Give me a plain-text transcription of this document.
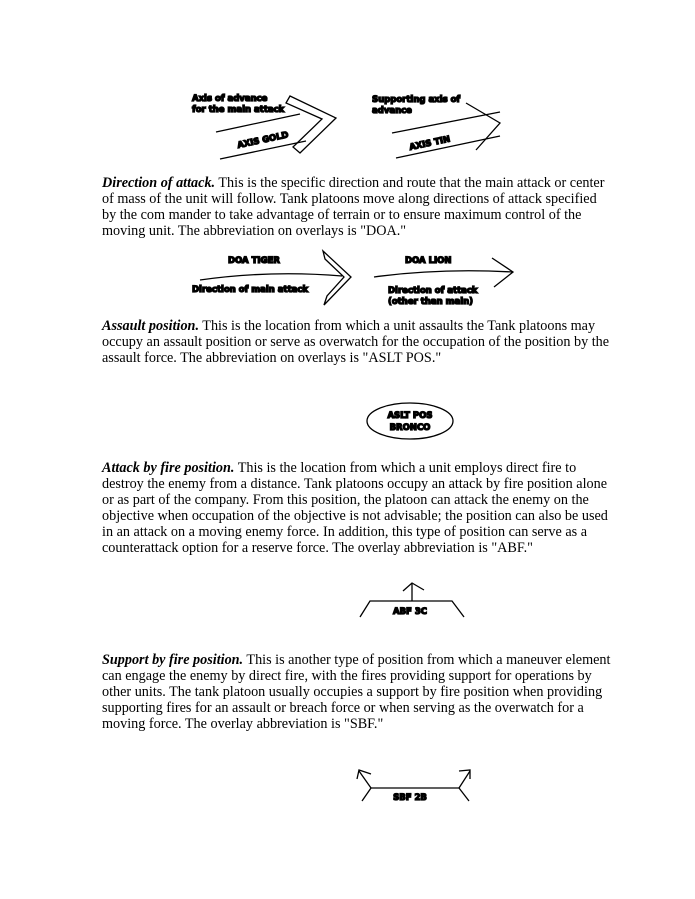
Axis of advance
for the main attack
AXIS GOLD
Supporting axis of
advance
AXIS TIN
DOA TIGER
Direction of main attack
DOA LION
Direction of attack
(other than main)
ASLT POS
BRONCO
ABF 3C
SBF 2B
Direction of attack. This is the specific direction and route that the main attack or center
of mass of the unit will follow. Tank platoons move along directions of attack specified
by the com mander to take advantage of terrain or to ensure maximum control of the
moving unit. The abbreviation on overlays is "DOA."
Assault position. This is the location from which a unit assaults the Tank platoons may
occupy an assault position or serve as overwatch for the occupation of the position by the
assault force. The abbreviation on overlays is "ASLT POS."
Attack by fire position. This is the location from which a unit employs direct fire to
destroy the enemy from a distance. Tank platoons occupy an attack by fire position alone
or as part of the company. From this position, the platoon can attack the enemy on the
objective when occupation of the objective is not advisable; the position can also be used
in an attack on a moving enemy force. In addition, this type of position can serve as a
counterattack option for a reserve force. The overlay abbreviation is "ABF."
Support by fire position. This is another type of position from which a maneuver element
can engage the enemy by direct fire, with the fires providing support for operations by
other units. The tank platoon usually occupies a support by fire position when providing
supporting fires for an assault or breach force or when serving as the overwatch for a
moving force. The overlay abbreviation is "SBF."
